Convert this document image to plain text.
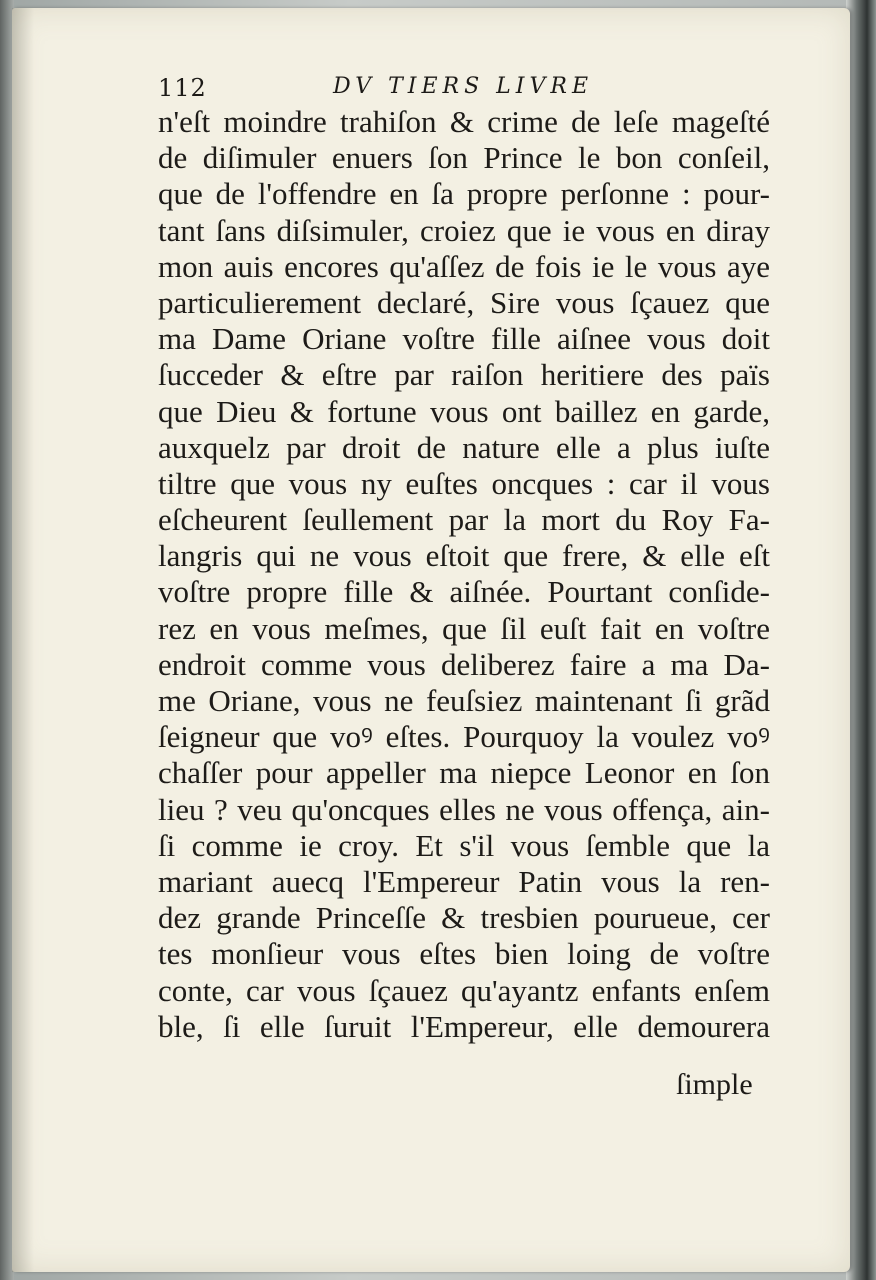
112	DV TIERS LIVRE
n'eſt moindre trahiſon & crime de leſe mageſté
de diſimuler enuers ſon Prince le bon conſeil,
que de l'offendre en ſa propre perſonne : pour-
tant ſans diſsimuler, croiez que ie vous en diray
mon auis encores qu'aſſez de fois ie le vous aye
particulierement declaré, Sire vous ſçauez que
ma Dame Oriane voſtre fille aiſnee vous doit
ſucceder & eſtre par raiſon heritiere des païs
que Dieu & fortune vous ont baillez en garde,
auxquelz par droit de nature elle a plus iuſte
tiltre que vous ny euſtes oncques : car il vous
eſcheurent ſeullement par la mort du Roy Fa-
langris qui ne vous eſtoit que frere, & elle eſt
voſtre propre fille & aiſnée. Pourtant conſide-
rez en vous meſmes, que ſil euſt fait en voſtre
endroit comme vous deliberez faire a ma Da-
me Oriane, vous ne feuſsiez maintenant ſi grãd
ſeigneur que voꝰ eſtes. Pourquoy la voulez voꝰ
chaſſer pour appeller ma niepce Leonor en ſon
lieu ? veu qu'oncques elles ne vous offença, ain-
ſi comme ie croy. Et s'il vous ſemble que la
mariant auecq l'Empereur Patin vous la ren-
dez grande Princeſſe & tresbien pourueue, cer
tes monſieur vous eſtes bien loing de voſtre
conte, car vous ſçauez qu'ayantz enfants enſem
ble, ſi elle ſuruit l'Empereur, elle demourera
ſimple
